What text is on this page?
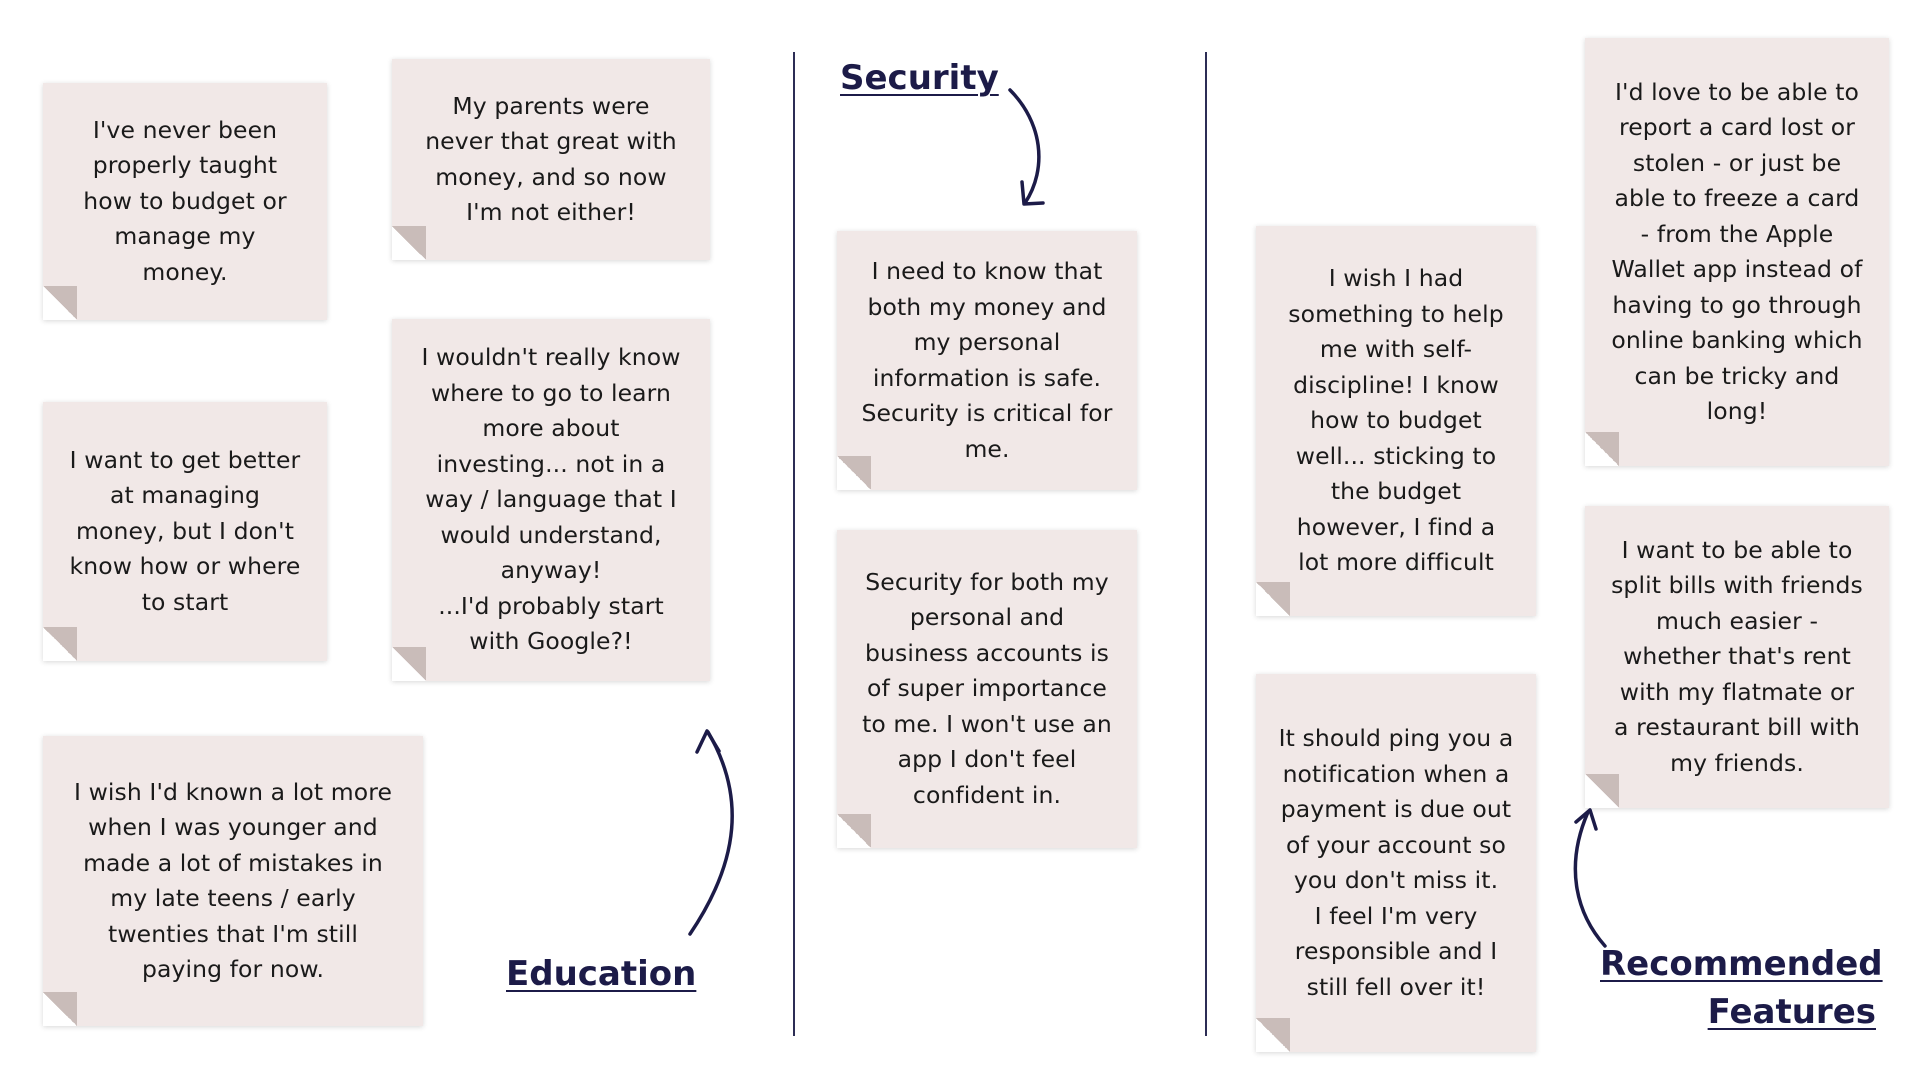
I've never been properly taught how to budget or manage my money.
My parents were never that great with money, and so now I'm not either!
I want to get better at managing money, but I don't know how or where to start
I wouldn't really know where to go to learn more about investing... not in a way / language that I would understand, anyway!
...I'd probably start with Google?!
I wish I'd known a lot more when I was younger and made a lot of mistakes in my late teens / early twenties that I'm still paying for now.
I need to know that both my money and my personal information is safe. Security is critical for me.
Security for both my personal and business accounts is of super importance to me. I won't use an app I don't feel confident in.
I wish I had something to help me with self-discipline! I know how to budget well... sticking to the budget however, I find a lot more difficult
It should ping you a notification when a payment is due out of your account so you don't miss it.
I feel I'm very responsible and I still fell over it!
I'd love to be able to report a card lost or stolen - or just be able to freeze a card - from the Apple Wallet app instead of having to go through online banking which can be tricky and long!
I want to be able to split bills with friends much easier - whether that's rent with my flatmate or a restaurant bill with my friends.
Security
Education	Recommended
Features
